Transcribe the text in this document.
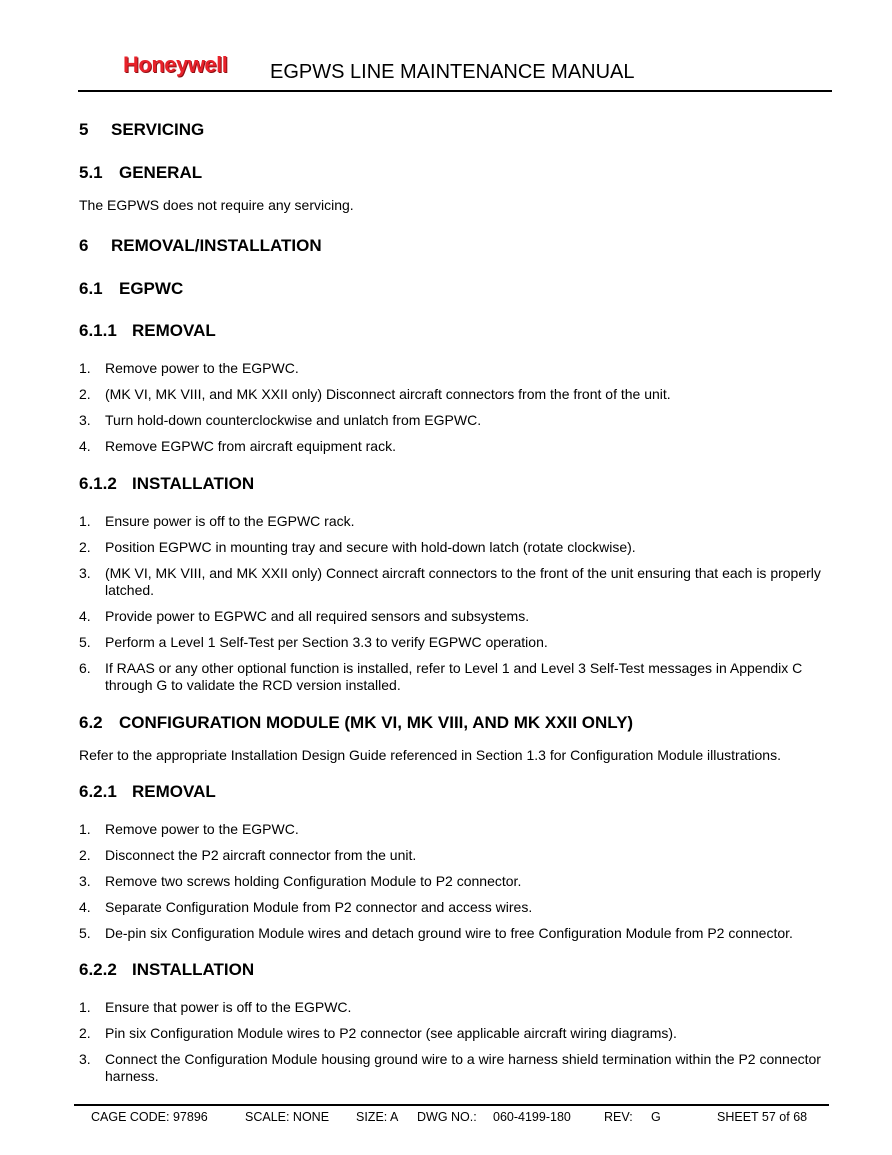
Honeywell EGPWS LINE MAINTENANCE MANUAL
5 SERVICING
5.1 GENERAL
The EGPWS does not require any servicing.
6 REMOVAL/INSTALLATION
6.1 EGPWC
6.1.1 REMOVAL
1. Remove power to the EGPWC.
2. (MK VI, MK VIII, and MK XXII only) Disconnect aircraft connectors from the front of the unit.
3. Turn hold-down counterclockwise and unlatch from EGPWC.
4. Remove EGPWC from aircraft equipment rack.
6.1.2 INSTALLATION
1. Ensure power is off to the EGPWC rack.
2. Position EGPWC in mounting tray and secure with hold-down latch (rotate clockwise).
3. (MK VI, MK VIII, and MK XXII only) Connect aircraft connectors to the front of the unit ensuring that each is properly latched.
4. Provide power to EGPWC and all required sensors and subsystems.
5. Perform a Level 1 Self-Test per Section 3.3 to verify EGPWC operation.
6. If RAAS or any other optional function is installed, refer to Level 1 and Level 3 Self-Test messages in Appendix C through G to validate the RCD version installed.
6.2 CONFIGURATION MODULE (MK VI, MK VIII, AND MK XXII ONLY)
Refer to the appropriate Installation Design Guide referenced in Section 1.3 for Configuration Module illustrations.
6.2.1 REMOVAL
1. Remove power to the EGPWC.
2. Disconnect the P2 aircraft connector from the unit.
3. Remove two screws holding Configuration Module to P2 connector.
4. Separate Configuration Module from P2 connector and access wires.
5. De-pin six Configuration Module wires and detach ground wire to free Configuration Module from P2 connector.
6.2.2 INSTALLATION
1. Ensure that power is off to the EGPWC.
2. Pin six Configuration Module wires to P2 connector (see applicable aircraft wiring diagrams).
3. Connect the Configuration Module housing ground wire to a wire harness shield termination within the P2 connector harness.
CAGE CODE: 97896	SCALE: NONE SIZE: A DWG NO.: 060-4199-180	REV: G	SHEET 57 of 68
